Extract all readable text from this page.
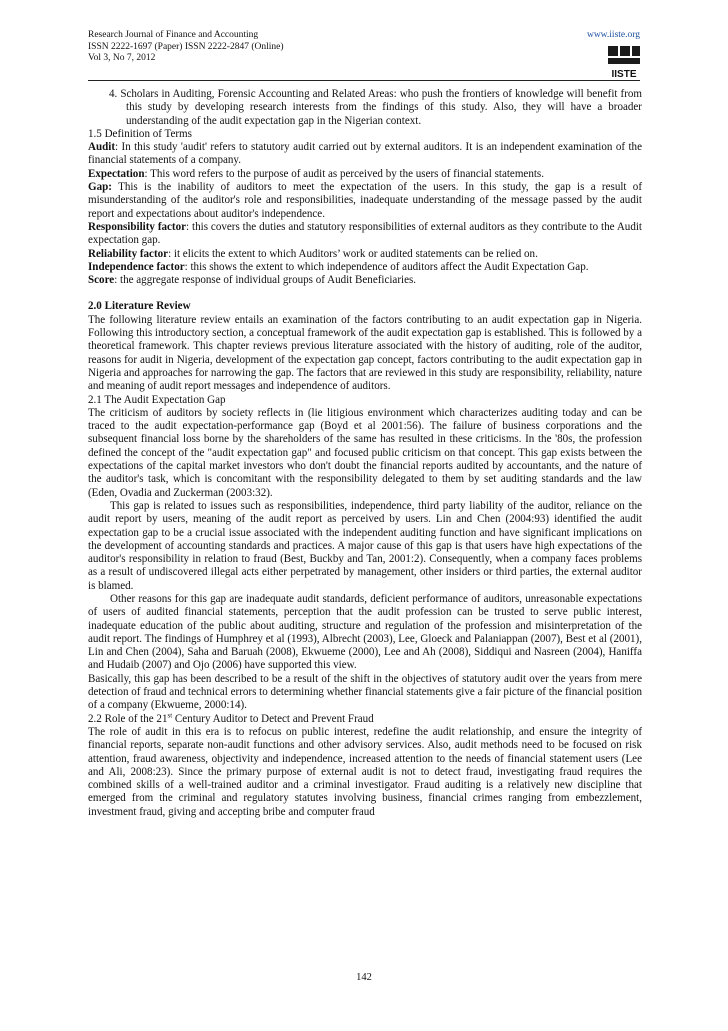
Research Journal of Finance and Accounting
ISSN 2222-1697 (Paper) ISSN 2222-2847 (Online)
Vol 3, No 7, 2012
www.iiste.org
IISTE

4. Scholars in Auditing, Forensic Accounting and Related Areas: who push the frontiers of knowledge will benefit from this study by developing research interests from the findings of this study. Also, they will have a broader understanding of the audit expectation gap in the Nigerian context.

1.5 Definition of Terms

Audit: In this study 'audit' refers to statutory audit carried out by external auditors. It is an independent examination of the financial statements of a company.

Expectation: This word refers to the purpose of audit as perceived by the users of financial statements.

Gap: This is the inability of auditors to meet the expectation of the users. In this study, the gap is a result of misunderstanding of the auditor's role and responsibilities, inadequate understanding of the message passed by the audit report and expectations about auditor's independence.

Responsibility factor: this covers the duties and statutory responsibilities of external auditors as they contribute to the Audit expectation gap.

Reliability factor: it elicits the extent to which Auditors’ work or audited statements can be relied on.

Independence factor: this shows the extent to which independence of auditors affect the Audit Expectation Gap.

Score: the aggregate response of individual groups of Audit Beneficiaries.

2.0 Literature Review

The following literature review entails an examination of the factors contributing to an audit expectation gap in Nigeria. Following this introductory section, a conceptual framework of the audit expectation gap is established. This is followed by a theoretical framework. This chapter reviews previous literature associated with the history of auditing, role of the auditor, reasons for audit in Nigeria, development of the expectation gap concept, factors contributing to the audit expectation gap in Nigeria and approaches for narrowing the gap. The factors that are reviewed in this study are responsibility, reliability, nature and meaning of audit report messages and independence of auditors.

2.1 The Audit Expectation Gap

The criticism of auditors by society reflects in (lie litigious environment which characterizes auditing today and can be traced to the audit expectation-performance gap (Boyd et al 2001:56). The failure of business corporations and the subsequent financial loss borne by the shareholders of the same has resulted in these criticisms. In the '80s, the profession defined the concept of the "audit expectation gap" and focused public criticism on that concept. This gap exists between the expectations of the capital market investors who don't doubt the financial reports audited by accountants, and the nature of the auditor's task, which is concomitant with the responsibility delegated to them by set auditing standards and the law (Eden, Ovadia and Zuckerman (2003:32).

This gap is related to issues such as responsibilities, independence, third party liability of the auditor, reliance on the audit report by users, meaning of the audit report as perceived by users. Lin and Chen (2004:93) identified the audit expectation gap to be a crucial issue associated with the independent auditing function and have significant implications on the development of accounting standards and practices. A major cause of this gap is that users have high expectations of the auditor's responsibility in relation to fraud (Best, Buckby and Tan, 2001:2). Consequently, when a company faces problems as a result of undiscovered illegal acts either perpetrated by management, other insiders or third parties, the external auditor is blamed.

Other reasons for this gap are inadequate audit standards, deficient performance of auditors, unreasonable expectations of users of audited financial statements, perception that the audit profession can be trusted to serve public interest, inadequate education of the public about auditing, structure and regulation of the profession and misinterpretation of the audit report. The findings of Humphrey et al (1993), Albrecht (2003), Lee, Gloeck and Palaniappan (2007), Best et al (2001), Lin and Chen (2004), Saha and Baruah (2008), Ekwueme (2000), Lee and Ah (2008), Siddiqui and Nasreen (2004), Haniffa and Hudaib (2007) and Ojo (2006) have supported this view.

Basically, this gap has been described to be a result of the shift in the objectives of statutory audit over the years from mere detection of fraud and technical errors to determining whether financial statements give a fair picture of the financial position of a company (Ekwueme, 2000:14).

2.2 Role of the 21st Century Auditor to Detect and Prevent Fraud

The role of audit in this era is to refocus on public interest, redefine the audit relationship, and ensure the integrity of financial reports, separate non-audit functions and other advisory services. Also, audit methods need to be focused on risk attention, fraud awareness, objectivity and independence, increased attention to the needs of financial statement users (Lee and Ali, 2008:23). Since the primary purpose of external audit is not to detect fraud, investigating fraud requires the combined skills of a well-trained auditor and a criminal investigator. Fraud auditing is a relatively new discipline that emerged from the criminal and regulatory statutes involving business, financial crimes ranging from embezzlement, investment fraud, giving and accepting bribe and computer fraud

142
